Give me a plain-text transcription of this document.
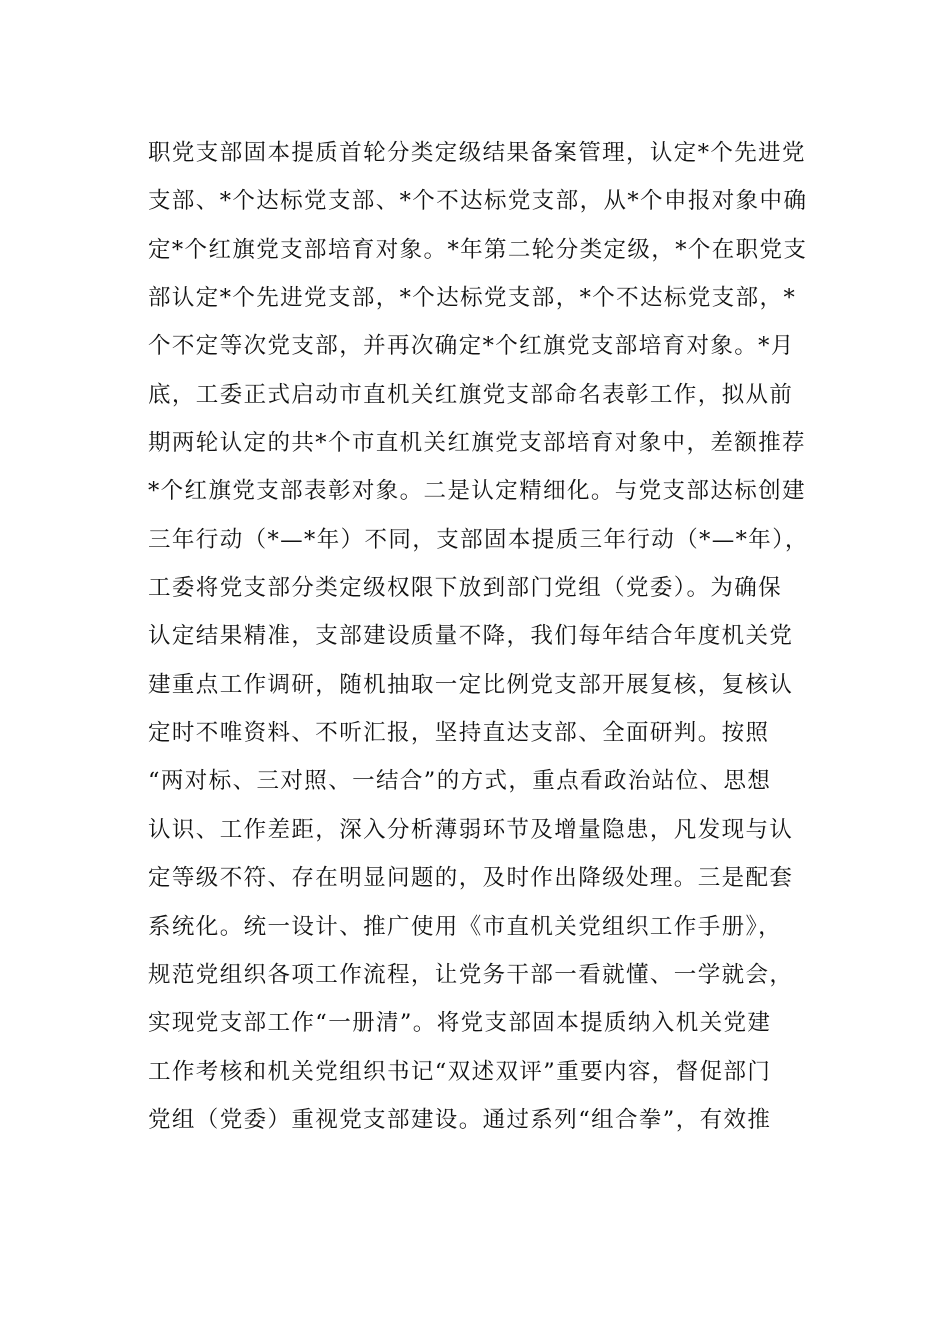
职党支部固本提质首轮分类定级结果备案管理，认定*个先进党
支部、*个达标党支部、*个不达标党支部，从*个申报对象中确
定*个红旗党支部培育对象。*年第二轮分类定级，*个在职党支
部认定*个先进党支部，*个达标党支部，*个不达标党支部，*
个不定等次党支部，并再次确定*个红旗党支部培育对象。*月
底，工委正式启动市直机关红旗党支部命名表彰工作，拟从前
期两轮认定的共*个市直机关红旗党支部培育对象中，差额推荐
*个红旗党支部表彰对象。二是认定精细化。与党支部达标创建
三年行动（*—*年）不同，支部固本提质三年行动（*—*年），
工委将党支部分类定级权限下放到部门党组（党委）。为确保
认定结果精准，支部建设质量不降，我们每年结合年度机关党
建重点工作调研，随机抽取一定比例党支部开展复核，复核认
定时不唯资料、不听汇报，坚持直达支部、全面研判。按照
“两对标、三对照、一结合”的方式，重点看政治站位、思想
认识、工作差距，深入分析薄弱环节及增量隐患，凡发现与认
定等级不符、存在明显问题的，及时作出降级处理。三是配套
系统化。统一设计、推广使用《市直机关党组织工作手册》，
规范党组织各项工作流程，让党务干部一看就懂、一学就会，
实现党支部工作“一册清”。将党支部固本提质纳入机关党建
工作考核和机关党组织书记“双述双评”重要内容，督促部门
党组（党委）重视党支部建设。通过系列“组合拳”，有效推
